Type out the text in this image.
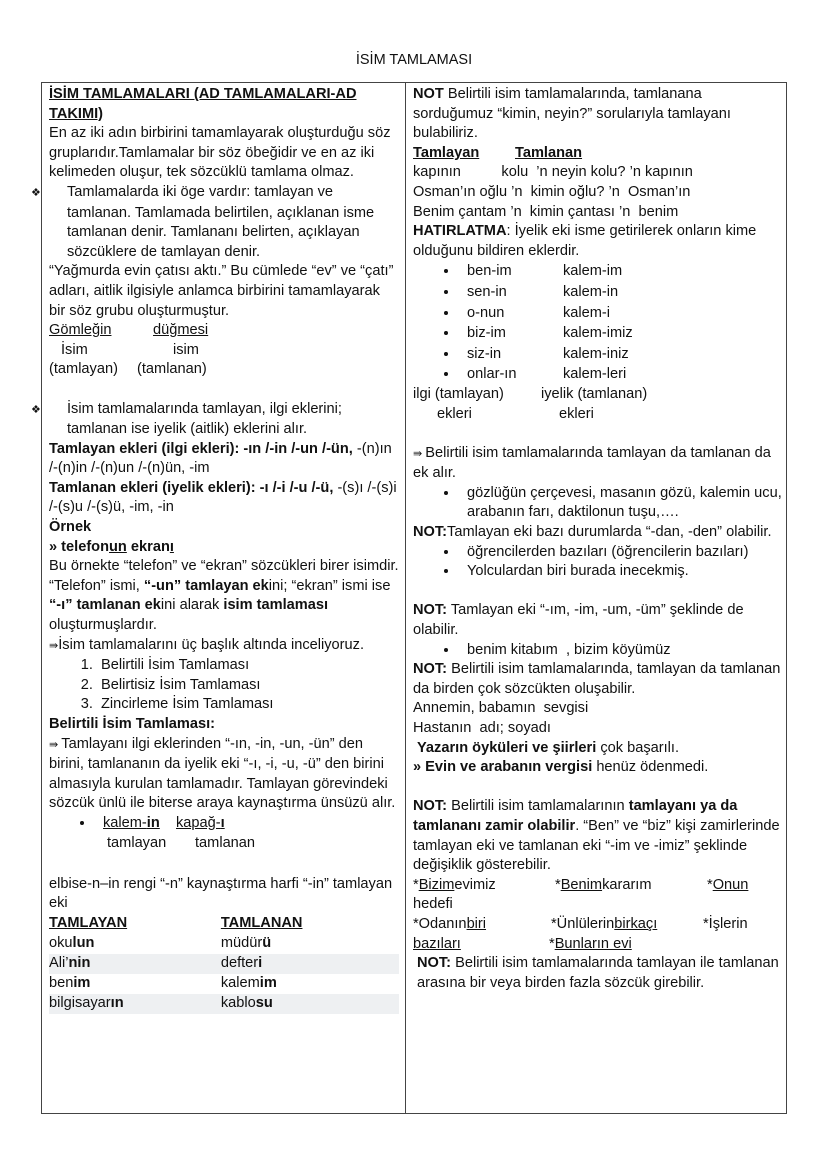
İSİM TAMLAMASI

İSİM TAMLAMALARI (AD TAMLAMALARI-AD TAKIMI)

En az iki adın birbirini tamamlayarak oluşturduğu söz gruplarıdır.Tamlamalar bir söz öbeğidir ve en az iki kelimeden oluşur, tek sözcüklü tamlama olmaz.

❖ Tamlamalarda iki öge vardır: tamlayan ve tamlanan. Tamlamada belirtilen, açıklanan isme tamlanan denir. Tamlananı belirten, açıklayan sözcüklere de tamlayan denir.

“Yağmurda evin çatısı aktı.” Bu cümlede “ev” ve “çatı” adları, aitlik ilgisiyle anlamca birbirini tamamlayarak bir söz grubu oluşturmuştur.

Gömleğin	düğmesi
İsim	isim
(tamlayan)	(tamlanan)

❖ İsim tamlamalarında tamlayan, ilgi eklerini; tamlanan ise iyelik (aitlik) eklerini alır.

Tamlayan ekleri (ilgi ekleri): -ın /-in /-un /-ün, -(n)ın /-(n)in /-(n)un /-(n)ün, -im

Tamlanan ekleri (iyelik ekleri): -ı /-i /-u /-ü, -(s)ı /-(s)i /-(s)u /-(s)ü, -im, -in

Örnek

» telefonun ekranı

Bu örnekte “telefon” ve “ekran” sözcükleri birer isimdir. “Telefon” ismi, “-un” tamlayan ekini; “ekran” ismi ise “-ı” tamlanan ekini alarak isim tamlaması oluşturmuşlardır.

⇛İsim tamlamalarını üç başlık altında inceliyoruz.

1. Belirtili İsim Tamlaması
2. Belirtisiz İsim Tamlaması
3. Zincirleme İsim Tamlaması

Belirtili İsim Tamlaması:

⇛ Tamlayanı ilgi eklerinden “-ın, -in, -un, -ün” den birini, tamlananın da iyelik eki “-ı, -i, -u, -ü” den birini almasıyla kurulan tamlamadır. Tamlayan görevindeki sözcük ünlü ile biterse araya kaynaştırma ünsüzü alır.

• kalem-in kapağ-ı
tamlayan	tamlanan

elbise-n–in rengi “-n” kaynaştırma harfi “-in” tamlayan eki

TAMLAYAN	TAMLANAN
okulun	müdürü
Ali’nin	defteri
benim	kalemim
bilgisayarın	kablosu

NOT Belirtili isim tamlamalarında, tamlanana sorduğumuz “kimin, neyin?” sorularıyla tamlayanı bulabiliriz.

Tamlayan	Tamlanan

kapının          kolu  ’n neyin kolu? ’n kapının

Osman’ın oğlu ’n  kimin oğlu? ’n  Osman’ın

Benim çantam ’n  kimin çantası ’n  benim

HATIRLATMA: İyelik eki isme getirilerek onların kime olduğunu bildiren eklerdir.

• ben-im	kalem-im
• sen-in	kalem-in
• o-nun	kalem-i
• biz-im	kalem-imiz
• siz-in	kalem-iniz
• onlar-ın	kalem-leri
ilgi (tamlayan)	iyelik (tamlanan)
ekleri	ekleri

⇛ Belirtili isim tamlamalarında tamlayan da tamlanan da ek alır.

• gözlüğün çerçevesi, masanın gözü, kalemin ucu, arabanın farı, daktilonun tuşu,….

NOT:Tamlayan eki bazı durumlarda “-dan, -den” olabilir.

• öğrencilerden bazıları (öğrencilerin bazıları)
• Yolculardan biri burada inecekmiş.

NOT: Tamlayan eki “-ım, -im, -um, -üm” şeklinde de olabilir.

• benim kitabım  , bizim köyümüz

NOT: Belirtili isim tamlamalarında, tamlayan da tamlanan da birden çok sözcükten oluşabilir.

Annemin, babamın  sevgisi

Hastanın  adı; soyadı

Yazarın öyküleri ve şiirleri çok başarılı.

» Evin ve arabanın vergisi henüz ödenmedi.

NOT: Belirtili isim tamlamalarının tamlayanı ya da tamlananı zamir olabilir. “Ben” ve “biz” kişi zamirlerinde tamlayan eki ve tamlanan eki “-im ve -imiz” şeklinde değişiklik gösterebilir.

*Bizimevimiz	*Benimkararım	*Onun

hedefi

*Odanınbiri	*Ünlülerinbirkaçı	*İşlerin
bazıları	*Bunların evi

NOT: Belirtili isim tamlamalarında tamlayan ile tamlanan arasına bir veya birden fazla sözcük girebilir.
